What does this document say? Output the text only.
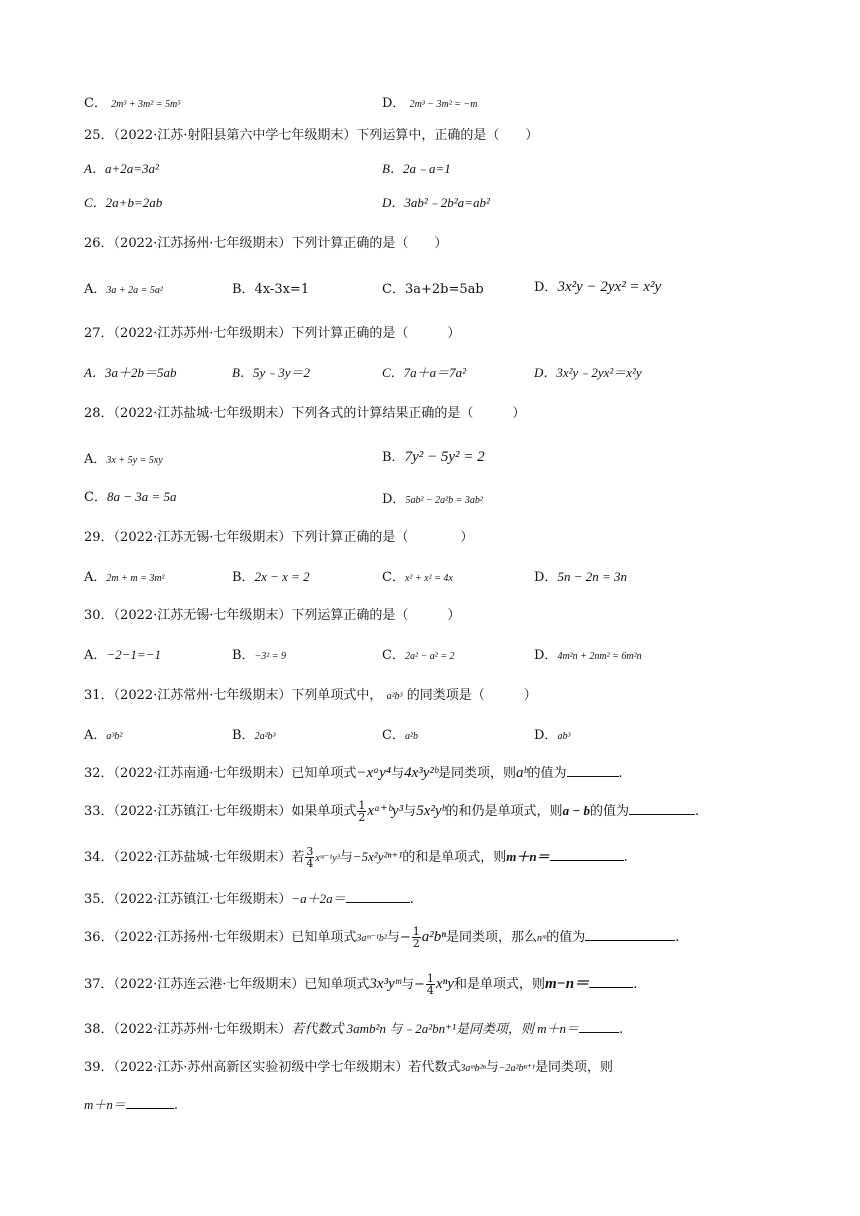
C． 2m³ + 3m² = 5m⁵	D． 2m³ − 3m² = −m
25．（2022·江苏·射阳县第六中学七年级期末）下列运算中，正确的是（　　）
A．a+2a=3a²	B．2a﹣a=1
C．2a+b=2ab	D．3ab²﹣2b²a=ab²
26．（2022·江苏扬州·七年级期末）下列计算正确的是（　　）
A．3a + 2a = 5a²	B．4x-3x=1	C．3a+2b=5ab	D．3x²y − 2yx² = x²y
27．（2022·江苏苏州·七年级期末）下列计算正确的是（　　　）
A．3a＋2b＝5ab	B．5y﹣3y＝2	C．7a＋a＝7a²	D．3x²y﹣2yx²＝x²y
28．（2022·江苏盐城·七年级期末）下列各式的计算结果正确的是（　　　）
A．3x + 5y = 5xy	B．7y² − 5y² = 2
C．8a − 3a = 5a	D．5ab² − 2a²b = 3ab²
29．（2022·江苏无锡·七年级期末）下列计算正确的是（　　　　）
A．2m + m = 3m²	B．2x − x = 2	C．x² + x² = 4x	D．5n − 2n = 3n
30．（2022·江苏无锡·七年级期末）下列运算正确的是（　　　）
A．−2−1=−1	B．−3² = 9	C．2a² − a² = 2	D．4m²n + 2nm² = 6m²n
31．（2022·江苏常州·七年级期末）下列单项式中， a²b³ 的同类项是（　　　）
A．a³b²	B．2a²b³	C．a²b	D．ab³
32．（2022·江苏南通·七年级期末）已知单项式−xᵃy⁴与4x³y²ᵇ是同类项，则aᵇ的值为	.
33．（2022·江苏镇江·七年级期末）如果单项式 $\frac{1}{2}$ xᵃ⁺ᵇy³与5x²yᵇ的和仍是单项式，则a − b的值为	.
34．（2022·江苏盐城·七年级期末）若 $\frac{3}{4}$ xᵐ⁻¹y³与−5x²y²ⁿ⁺¹的和是单项式，则m＋n＝	.
35．（2022·江苏镇江·七年级期末）−a＋2a＝	.
36．（2022·江苏扬州·七年级期末）已知单项式3aᵐ⁻¹b²与− $\frac{1}{2} a^2b^n$是同类项，那么nᵐ的值为	.
37．（2022·江苏连云港·七年级期末）已知单项式3x³yᵐ与− $\frac{1}{4}$ xⁿy和是单项式，则m−n＝	.
38．（2022·江苏苏州·七年级期末）若代数式 3amb²n 与﹣2a²bn⁺¹是同类项，则 m＋n＝	.
39．（2022·江苏·苏州高新区实验初级中学七年级期末）若代数式3aᵐb²ⁿ与−2a²bⁿ⁺¹是同类项，则
m＋n＝	.
